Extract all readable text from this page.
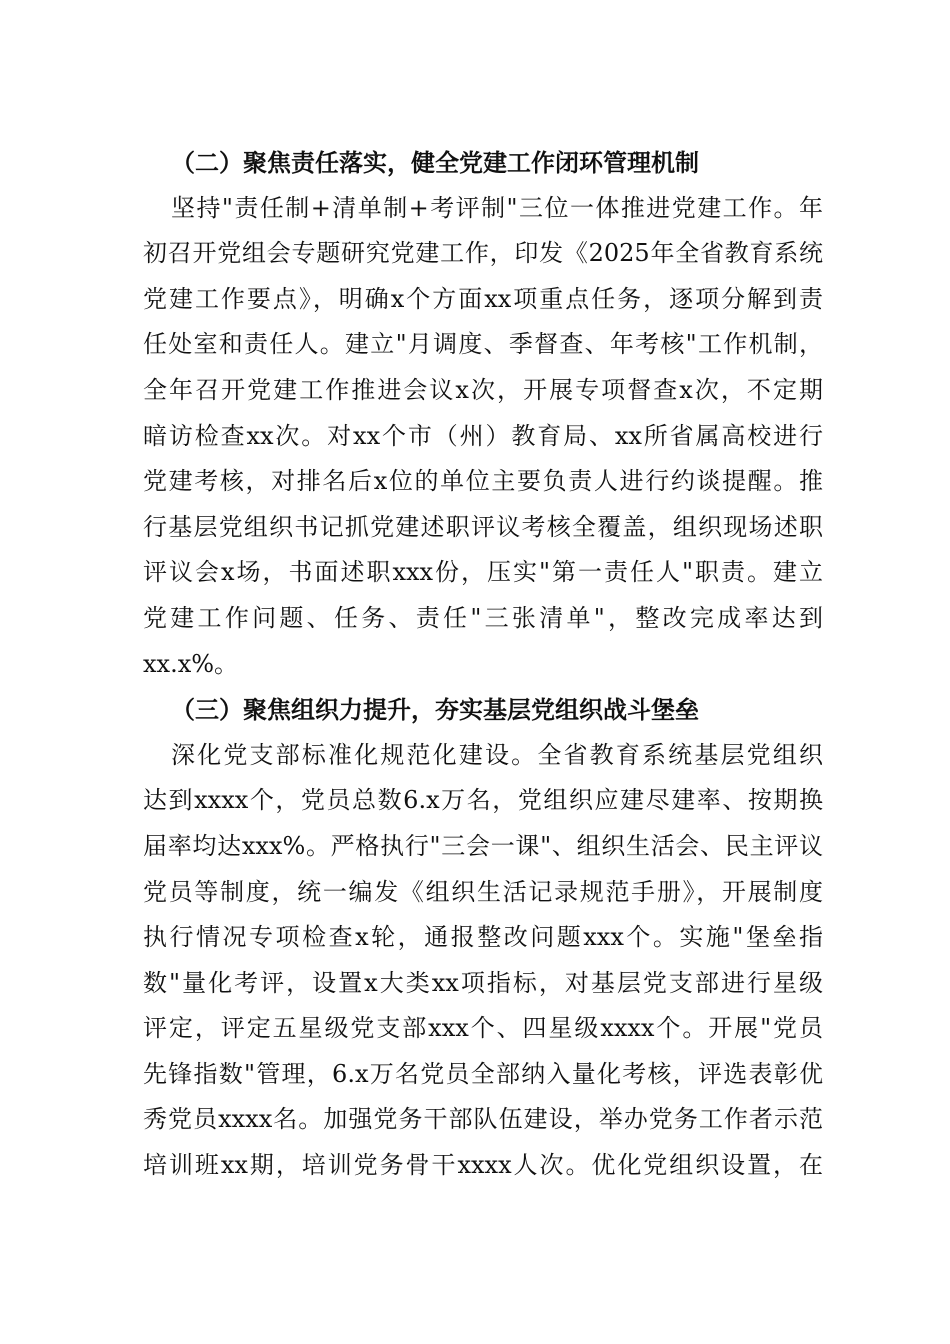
（二）聚焦责任落实，健全党建工作闭环管理机制
坚持"责任制+清单制+考评制"三位一体推进党建工作。年
初召开党组会专题研究党建工作，印发《2025年全省教育系统
党建工作要点》，明确x个方面xx项重点任务，逐项分解到责
任处室和责任人。建立"月调度、季督查、年考核"工作机制，
全年召开党建工作推进会议x次，开展专项督查x次，不定期
暗访检查xx次。对xx个市（州）教育局、xx所省属高校进行
党建考核，对排名后x位的单位主要负责人进行约谈提醒。推
行基层党组织书记抓党建述职评议考核全覆盖，组织现场述职
评议会x场，书面述职xxx份，压实"第一责任人"职责。建立
党建工作问题、任务、责任"三张清单"，整改完成率达到
xx.x%。
（三）聚焦组织力提升，夯实基层党组织战斗堡垒
深化党支部标准化规范化建设。全省教育系统基层党组织
达到xxxx个，党员总数6.x万名，党组织应建尽建率、按期换
届率均达xxx%。严格执行"三会一课"、组织生活会、民主评议
党员等制度，统一编发《组织生活记录规范手册》，开展制度
执行情况专项检查x轮，通报整改问题xxx个。实施"堡垒指
数"量化考评，设置x大类xx项指标，对基层党支部进行星级
评定，评定五星级党支部xxx个、四星级xxxx个。开展"党员
先锋指数"管理，6.x万名党员全部纳入量化考核，评选表彰优
秀党员xxxx名。加强党务干部队伍建设，举办党务工作者示范
培训班xx期，培训党务骨干xxxx人次。优化党组织设置，在
